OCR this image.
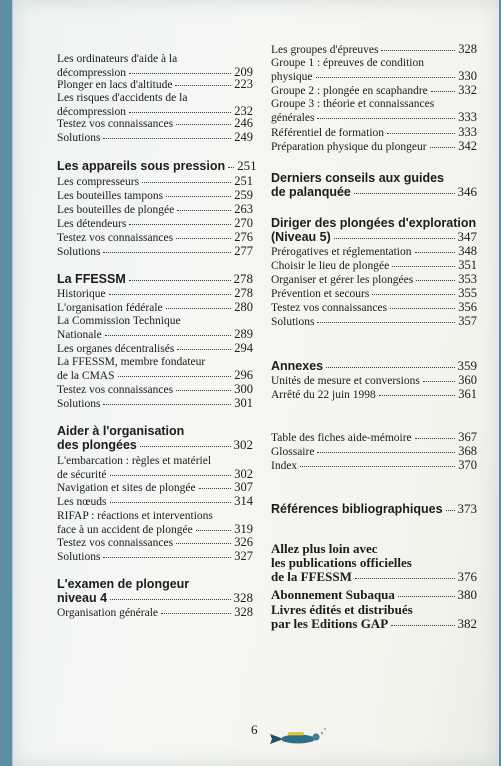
Les ordinateurs d'aide à la
décompression	209
Plonger en lacs d'altitude	223
Les risques d'accidents de la
décompression	232
Testez vos connaissances	246
Solutions	249
Les appareils sous pression 251
Les compresseurs	251
Les bouteilles tampons	259
Les bouteilles de plongée	263
Les détendeurs	270
Testez vos connaissances	276
Solutions	277
La FFESSM	278
Historique	278
L'organisation fédérale	280
La Commission Technique
Nationale	289
Les organes décentralisés	294
La FFESSM, membre fondateur
de la CMAS	296
Testez vos connaissances	300
Solutions	301
Aider à l'organisation
des plongées	302
L'embarcation : règles et matériel
de sécurité	302
Navigation et sites de plongée	307
Les nœuds	314
RIFAP : réactions et interventions
face à un accident de plongée	319
Testez vos connaissances	326
Solutions	327
L'examen de plongeur
niveau 4	328
Organisation générale	328
Les groupes d'épreuves	328
Groupe 1 : épreuves de condition
physique	330
Groupe 2 : plongée en scaphandre 332
Groupe 3 : théorie et connaissances
générales	333
Référentiel de formation	333
Préparation physique du plongeur	342
Derniers conseils aux guides
de palanquée	346
Diriger des plongées d'exploration
(Niveau 5)	347
Prérogatives et réglementation	348
Choisir le lieu de plongée	351
Organiser et gérer les plongées	353
Prévention et secours	355
Testez vos connaissances	356
Solutions	357
Annexes	359
Unités de mesure et conversions	360
Arrêté du 22 juin 1998	361
Table des fiches aide-mémoire	367
Glossaire	368
Index	370
Références bibliographiques 373
Allez plus loin avec
les publications officielles
de la FFESSM	376
Abonnement Subaqua	380
Livres édités et distribués
par les Editions GAP	382
6
